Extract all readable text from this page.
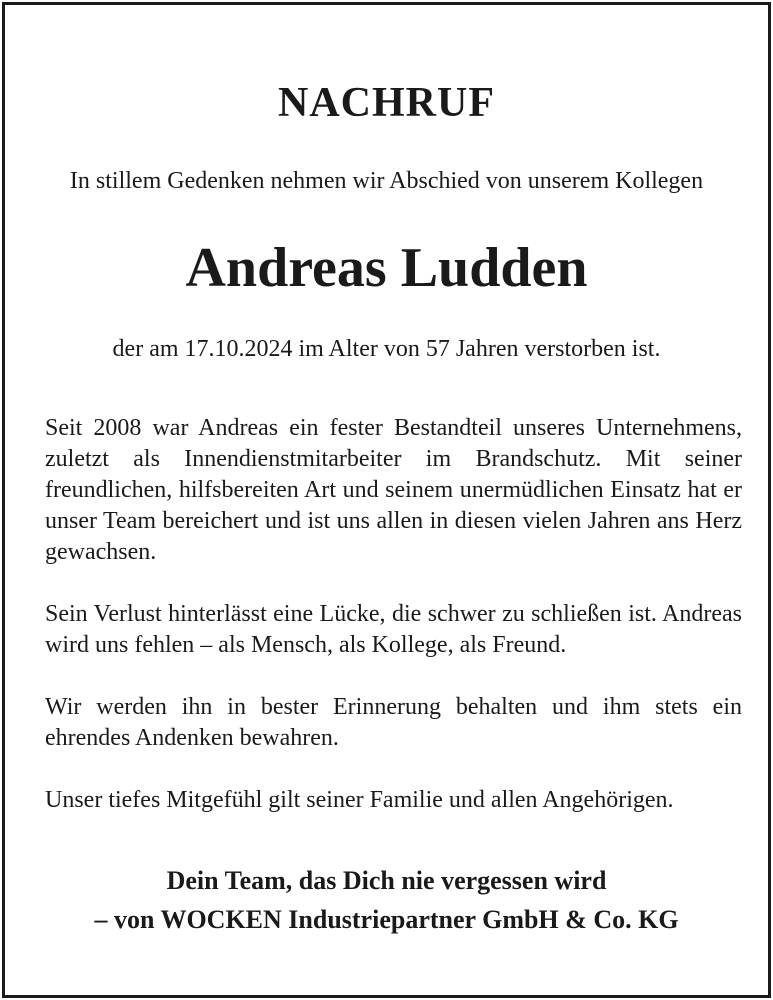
NACHRUF
In stillem Gedenken nehmen wir Abschied von unserem Kollegen
Andreas Ludden
der am 17.10.2024 im Alter von 57 Jahren verstorben ist.

Seit 2008 war Andreas ein fester Bestandteil unseres Unternehmens, zuletzt als Innendienstmitarbeiter im Brandschutz. Mit seiner freundlichen, hilfsbereiten Art und seinem unermüdlichen Einsatz hat er unser Team bereichert und ist uns allen in diesen vielen Jahren ans Herz gewachsen.

Sein Verlust hinterlässt eine Lücke, die schwer zu schließen ist. Andreas wird uns fehlen – als Mensch, als Kollege, als Freund.

Wir werden ihn in bester Erinnerung behalten und ihm stets ein ehrendes Andenken bewahren.

Unser tiefes Mitgefühl gilt seiner Familie und allen Angehörigen.

Dein Team, das Dich nie vergessen wird
– von WOCKEN Industriepartner GmbH & Co. KG
